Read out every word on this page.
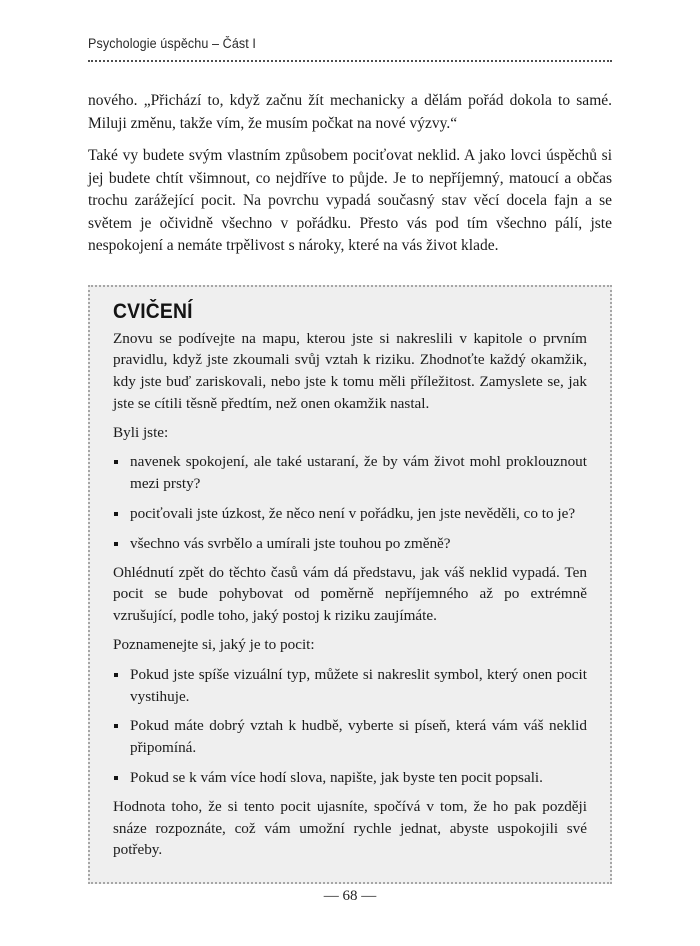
Psychologie úspěchu – Část I

nového. „Přichází to, když začnu žít mechanicky a dělám pořád dokola to samé. Miluji změnu, takže vím, že musím počkat na nové výzvy.“

Také vy budete svým vlastním způsobem pociťovat neklid. A jako lovci úspěchů si jej budete chtít všimnout, co nejdříve to půjde. Je to nepříjemný, matoucí a občas trochu zarážející pocit. Na povrchu vypadá současný stav věcí docela fajn a se světem je očividně všechno v pořádku. Přesto vás pod tím všechno pálí, jste nespokojení a nemáte trpělivost s nároky, které na vás život klade.

CVIČENÍ

Znovu se podívejte na mapu, kterou jste si nakreslili v kapitole o prvním pravidlu, když jste zkoumali svůj vztah k riziku. Zhodnoťte každý okamžik, kdy jste buď zariskovali, nebo jste k tomu měli příležitost. Zamyslete se, jak jste se cítili těsně předtím, než onen okamžik nastal.

Byli jste:

navenek spokojení, ale také ustaraní, že by vám život mohl proklouznout mezi prsty?
pociťovali jste úzkost, že něco není v pořádku, jen jste nevěděli, co to je?
všechno vás svrbělo a umírali jste touhou po změně?

Ohlédnutí zpět do těchto časů vám dá představu, jak váš neklid vypadá. Ten pocit se bude pohybovat od poměrně nepříjemného až po extrémně vzrušující, podle toho, jaký postoj k riziku zaujímáte.

Poznamenejte si, jaký je to pocit:

Pokud jste spíše vizuální typ, můžete si nakreslit symbol, který onen pocit vystihuje.
Pokud máte dobrý vztah k hudbě, vyberte si píseň, která vám váš neklid připomíná.
Pokud se k vám více hodí slova, napište, jak byste ten pocit popsali.

Hodnota toho, že si tento pocit ujasníte, spočívá v tom, že ho pak později snáze rozpoznáte, což vám umožní rychle jednat, abyste uspokojili své potřeby.

— 68 —
